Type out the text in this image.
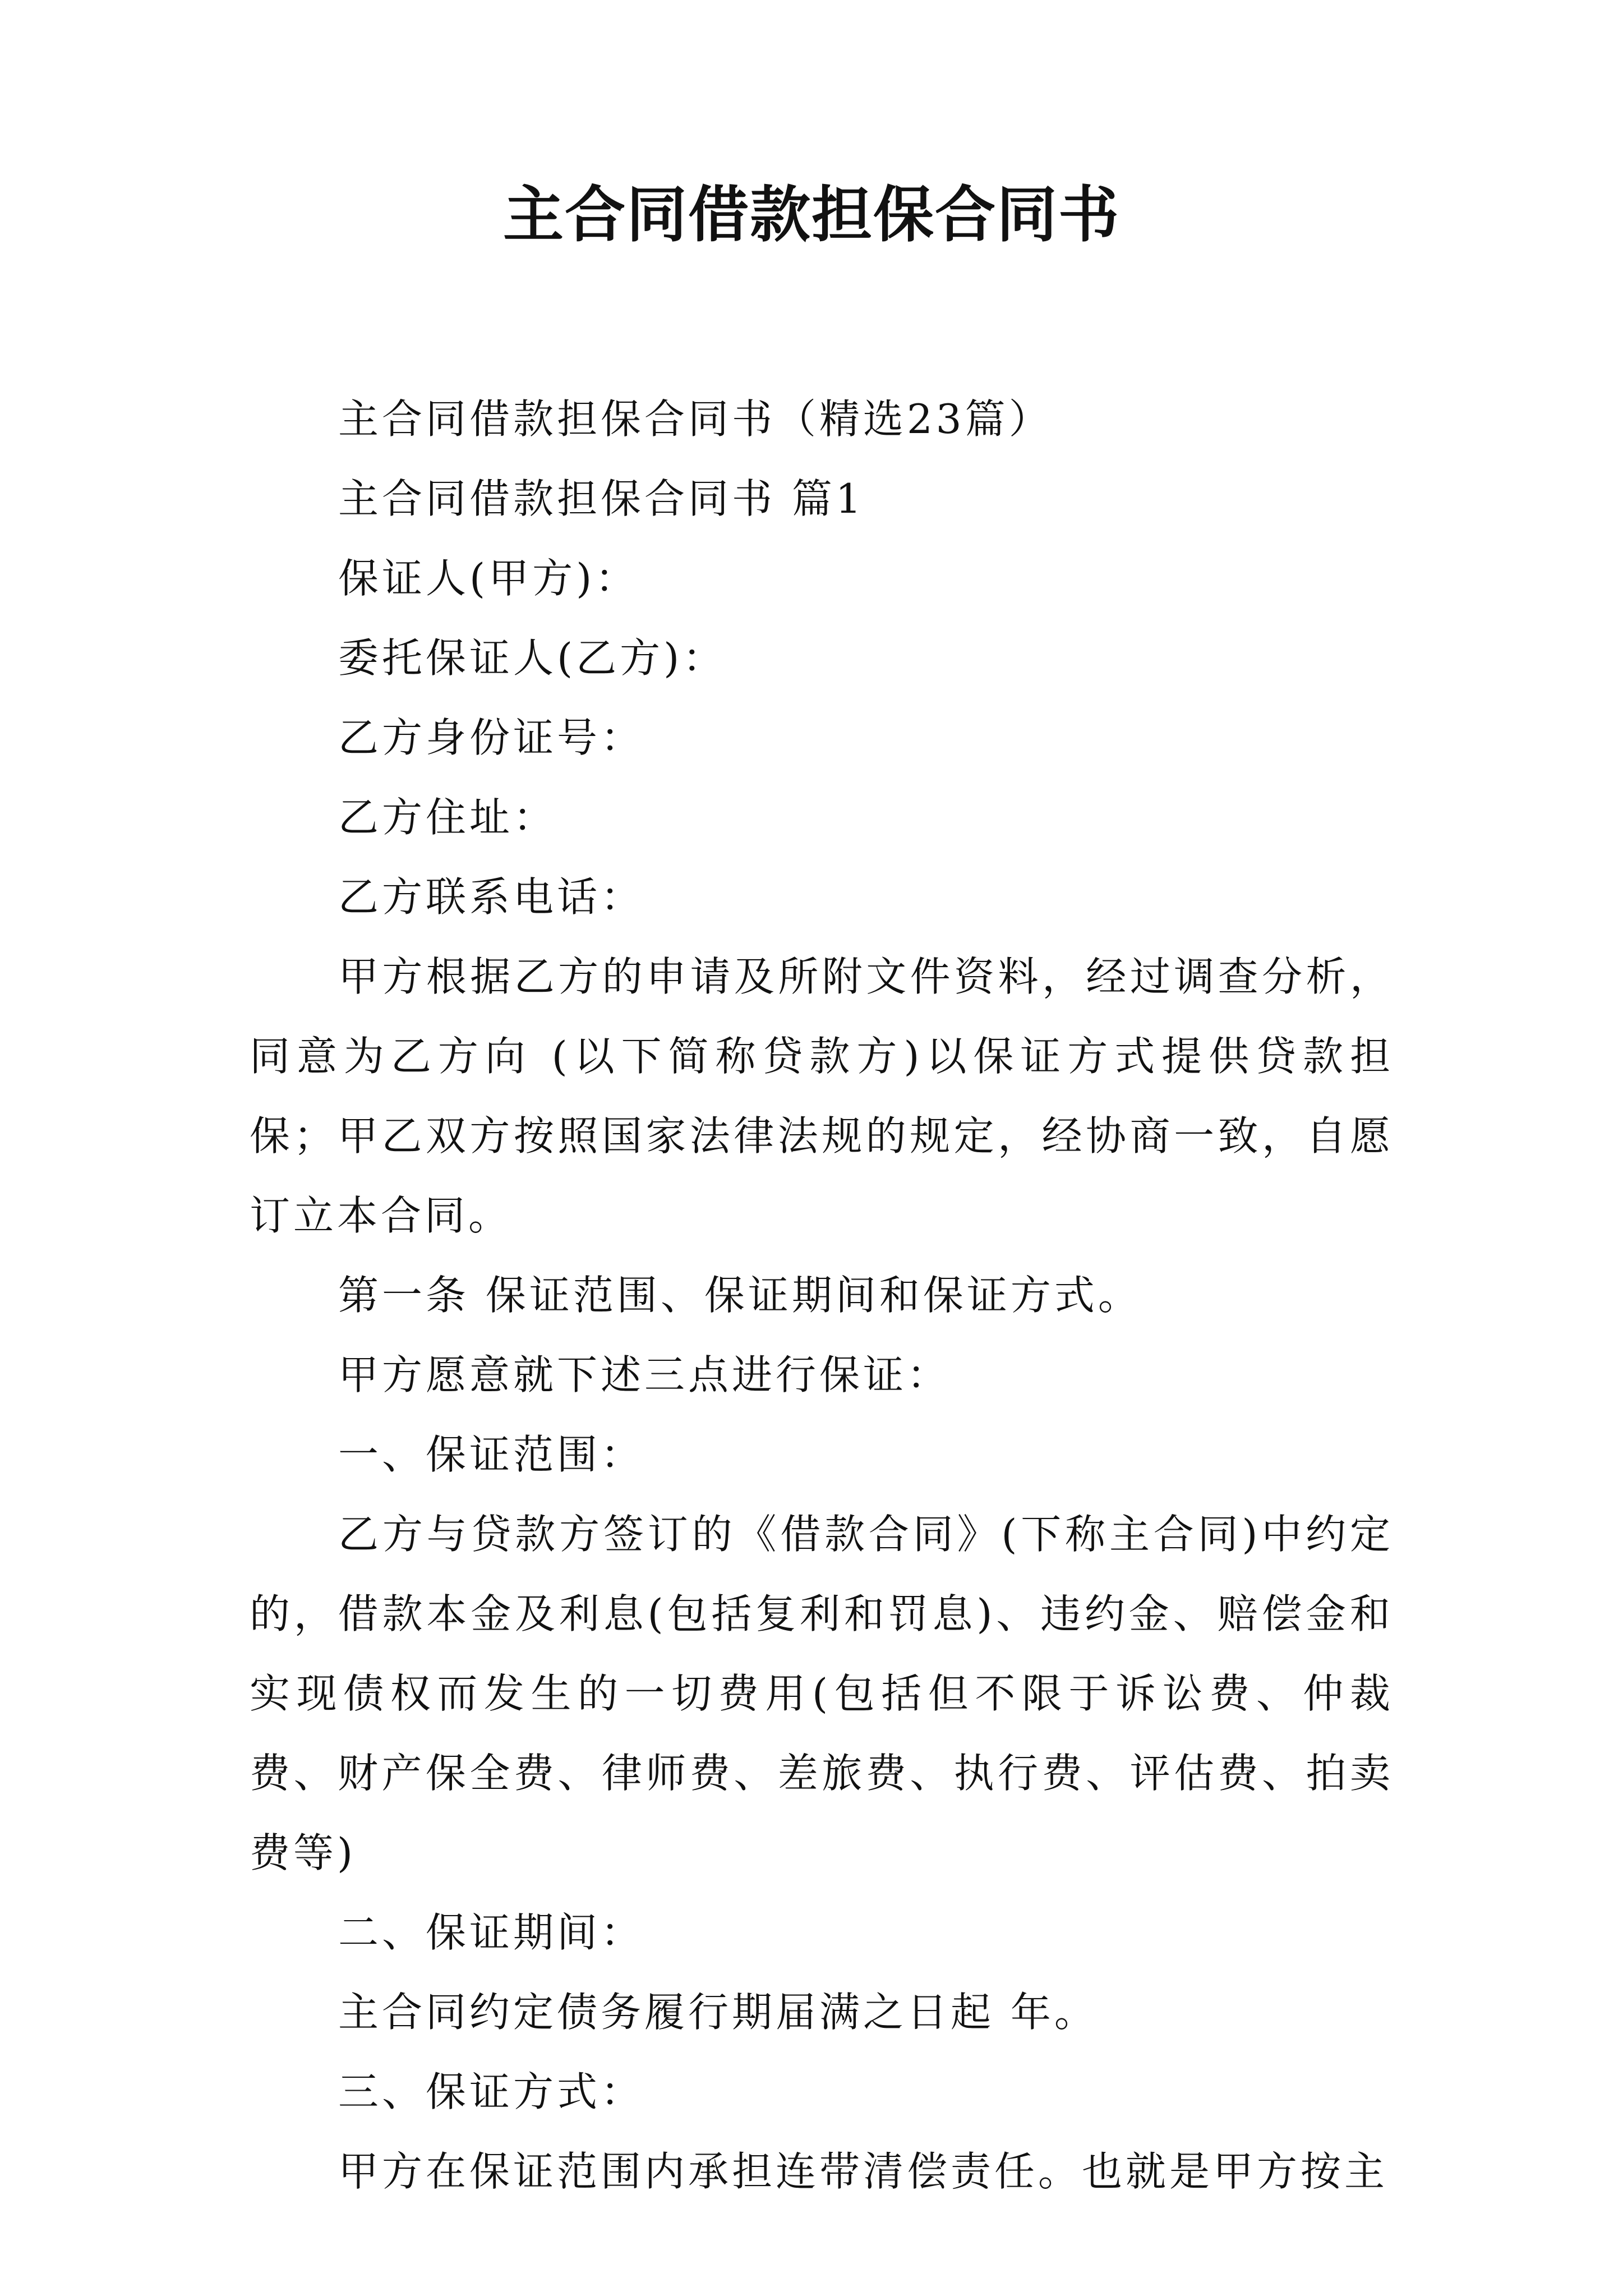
主合同借款担保合同书

主合同借款担保合同书（精选23篇）

主合同借款担保合同书 篇1

保证人(甲方)：

委托保证人(乙方)：

乙方身份证号：

乙方住址：

乙方联系电话：

甲方根据乙方的申请及所附文件资料，经过调查分析，同意为乙方向 (以下简称贷款方)以保证方式提供贷款担保；甲乙双方按照国家法律法规的规定，经协商一致，自愿订立本合同。

第一条 保证范围、保证期间和保证方式。

甲方愿意就下述三点进行保证：

一、保证范围：

乙方与贷款方签订的《借款合同》(下称主合同)中约定的，借款本金及利息(包括复利和罚息)、违约金、赔偿金和实现债权而发生的一切费用(包括但不限于诉讼费、仲裁费、财产保全费、律师费、差旅费、执行费、评估费、拍卖费等)

二、保证期间：

主合同约定债务履行期届满之日起 年。

三、保证方式：

甲方在保证范围内承担连带清偿责任。也就是甲方按主
